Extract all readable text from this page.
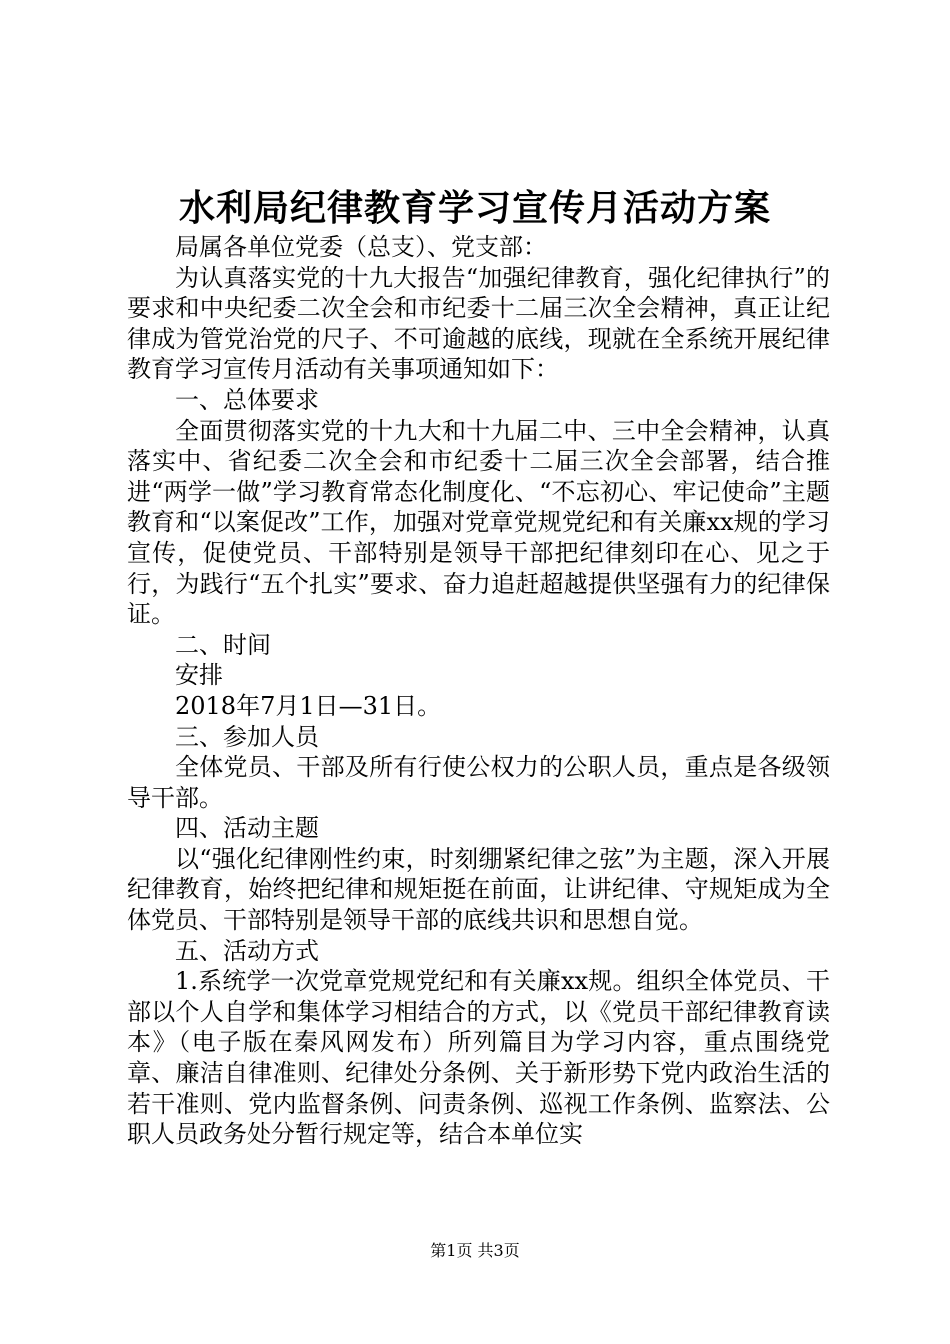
水利局纪律教育学习宣传月活动方案

局属各单位党委（总支）、党支部：

为认真落实党的十九大报告“加强纪律教育，强化纪律执行”的要求和中央纪委二次全会和市纪委十二届三次全会精神，真正让纪律成为管党治党的尺子、不可逾越的底线，现就在全系统开展纪律教育学习宣传月活动有关事项通知如下：

一、总体要求

全面贯彻落实党的十九大和十九届二中、三中全会精神，认真落实中、省纪委二次全会和市纪委十二届三次全会部署，结合推进“两学一做”学习教育常态化制度化、“不忘初心、牢记使命”主题教育和“以案促改”工作，加强对党章党规党纪和有关廉xx规的学习宣传，促使党员、干部特别是领导干部把纪律刻印在心、见之于行，为践行“五个扎实”要求、奋力追赶超越提供坚强有力的纪律保证。

二、时间

安排

2018年7月1日—31日。

三、参加人员

全体党员、干部及所有行使公权力的公职人员，重点是各级领导干部。

四、活动主题

以“强化纪律刚性约束，时刻绷紧纪律之弦”为主题，深入开展纪律教育，始终把纪律和规矩挺在前面，让讲纪律、守规矩成为全体党员、干部特别是领导干部的底线共识和思想自觉。

五、活动方式

1.系统学一次党章党规党纪和有关廉xx规。组织全体党员、干部以个人自学和集体学习相结合的方式，以《党员干部纪律教育读本》（电子版在秦风网发布）所列篇目为学习内容，重点围绕党章、廉洁自律准则、纪律处分条例、关于新形势下党内政治生活的若干准则、党内监督条例、问责条例、巡视工作条例、监察法、公职人员政务处分暂行规定等，结合本单位实

第1页 共3页
